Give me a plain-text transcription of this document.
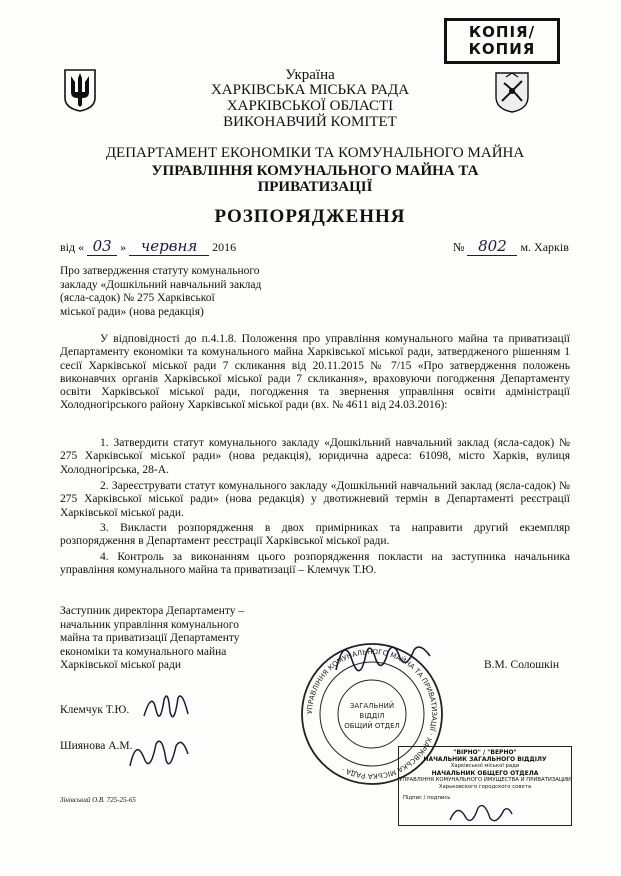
КОПІЯ/
КОПИЯ
Україна
ХАРКІВСЬКА МІСЬКА РАДА
ХАРКІВСЬКОЇ ОБЛАСТІ
ВИКОНАВЧИЙ КОМІТЕТ
ДЕПАРТАМЕНТ ЕКОНОМІКИ ТА КОМУНАЛЬНОГО МАЙНА
УПРАВЛІННЯ КОМУНАЛЬНОГО МАЙНА ТА
ПРИВАТИЗАЦІЇ
РОЗПОРЯДЖЕННЯ
від « 03 » червня 2016	№ 802 м. Харків
Про затвердження статуту комунального
закладу «Дошкільний навчальний заклад
(ясла-садок) № 275 Харківської
міської ради» (нова редакція)
У відповідності до п.4.1.8. Положення про управління комунального майна та приватизації Департаменту економіки та комунального майна Харківської міської ради, затвердженого рішенням 1 сесії Харківської міської ради 7 скликання від 20.11.2015 № 7/15 «Про затвердження положень виконавчих органів Харківської міської ради 7 скликання», враховуючи погодження Департаменту освіти Харківської міської ради, погодження та звернення управління освіти адміністрації Холодногірського району Харківської міської ради (вх. № 4611 від 24.03.2016):
1. Затвердити статут комунального закладу «Дошкільний навчальний заклад (ясла-садок) № 275 Харківської міської ради» (нова редакція), юридична адреса: 61098, місто Харків, вулиця Холодногірська, 28-А.
2. Зареєструвати статут комунального закладу «Дошкільний навчальний заклад (ясла-садок) № 275 Харківської міської ради» (нова редакція) у двотижневий термін в Департаменті реєстрації Харківської міської ради.
3. Викласти розпорядження в двох примірниках та направити другий екземпляр розпорядження в Департамент реєстрації Харківської міської ради.
4. Контроль за виконанням цього розпорядження покласти на заступника начальника управління комунального майна та приватизації – Клемчук Т.Ю.
Заступник директора Департаменту –
начальник управління комунального
майна та приватизації Департаменту
економіки та комунального майна
Харківської міської ради	В.М. Солошкін
УПРАВЛІННЯ КОМУНАЛЬНОГО МАЙНА ТА ПРИВАТИЗАЦІЇ · ХАРКІВСЬКА МІСЬКА РАДА ·
ЗАГАЛЬНИЙ
ВІДДІЛ
ОБЩИЙ ОТДЕЛ
Клемчук Т.Ю.
Шиянова А.М.
Зінівський О.В. 725-25-65
"ВІРНО" / "ВЕРНО"
НАЧАЛЬНИК ЗАГАЛЬНОГО ВІДДІЛУ
Харківської міської ради
НАЧАЛЬНИК ОБЩЕГО ОТДЕЛА
УПРАВЛІННЯ КОМУНАЛЬНОГО ИМУЩЕСТВА И ПРИВАТИЗАЦИИ
Харьковского городского совета
Підпис / подпись
